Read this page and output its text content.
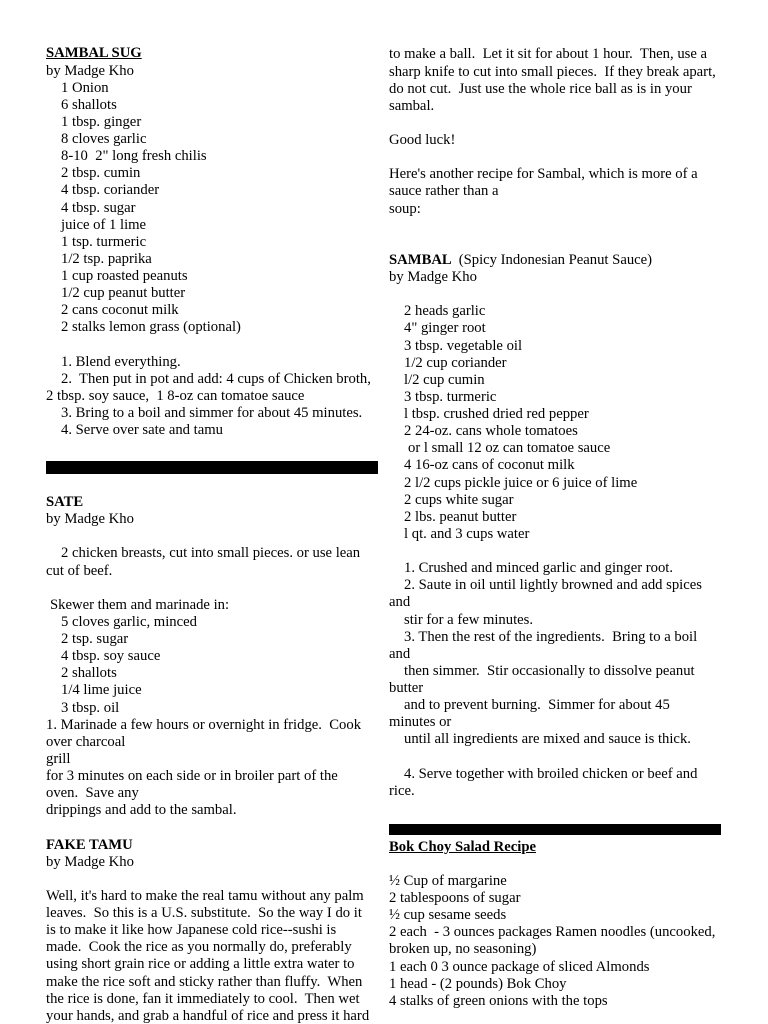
SAMBAL SUG
by Madge Kho
1 Onion
6 shallots
1 tbsp. ginger
8 cloves garlic
8-10  2" long fresh chilis
2 tbsp. cumin
4 tbsp. coriander
4 tbsp. sugar
juice of 1 lime
1 tsp. turmeric
1/2 tsp. paprika
1 cup roasted peanuts
1/2 cup peanut butter
2 cans coconut milk
2 stalks lemon grass (optional)
1. Blend everything.
2.  Then put in pot and add: 4 cups of Chicken broth,
2 tbsp. soy sauce,  1 8-oz can tomatoe sauce
3. Bring to a boil and simmer for about 45 minutes.
4. Serve over sate and tamu
SATE
by Madge Kho
2 chicken breasts, cut into small pieces. or use lean
cut of beef.
Skewer them and marinade in:
5 cloves garlic, minced
2 tsp. sugar
4 tbsp. soy sauce
2 shallots
1/4 lime juice
3 tbsp. oil
1. Marinade a few hours or overnight in fridge.  Cook
over charcoal
grill
for 3 minutes on each side or in broiler part of the
oven.  Save any
drippings and add to the sambal.
FAKE TAMU
by Madge Kho
Well, it's hard to make the real tamu without any palm
leaves.  So this is a U.S. substitute.  So the way I do it
is to make it like how Japanese cold rice--sushi is
made.  Cook the rice as you normally do, preferably
using short grain rice or adding a little extra water to
make the rice soft and sticky rather than fluffy.  When
the rice is done, fan it immediately to cool.  Then wet
your hands, and grab a handful of rice and press it hard
to make a ball.  Let it sit for about 1 hour.  Then, use a
sharp knife to cut into small pieces.  If they break apart,
do not cut.  Just use the whole rice ball as is in your
sambal.
Good luck!
Here's another recipe for Sambal, which is more of a
sauce rather than a
soup:
SAMBAL (Spicy Indonesian Peanut Sauce)
by Madge Kho
2 heads garlic
4" ginger root
3 tbsp. vegetable oil
1/2 cup coriander
l/2 cup cumin
3 tbsp. turmeric
l tbsp. crushed dried red pepper
2 24-oz. cans whole tomatoes
or l small 12 oz can tomatoe sauce
4 16-oz cans of coconut milk
2 l/2 cups pickle juice or 6 juice of lime
2 cups white sugar
2 lbs. peanut butter
l qt. and 3 cups water
1. Crushed and minced garlic and ginger root.
2. Saute in oil until lightly browned and add spices
and
stir for a few minutes.
3. Then the rest of the ingredients.  Bring to a boil
and
then simmer.  Stir occasionally to dissolve peanut
butter
and to prevent burning.  Simmer for about 45
minutes or
until all ingredients are mixed and sauce is thick.
4. Serve together with broiled chicken or beef and
rice.
Bok Choy Salad Recipe
½ Cup of margarine
2 tablespoons of sugar
½ cup sesame seeds
2 each  - 3 ounces packages Ramen noodles (uncooked,
broken up, no seasoning)
1 each 0 3 ounce package of sliced Almonds
1 head - (2 pounds) Bok Choy
4 stalks of green onions with the tops
